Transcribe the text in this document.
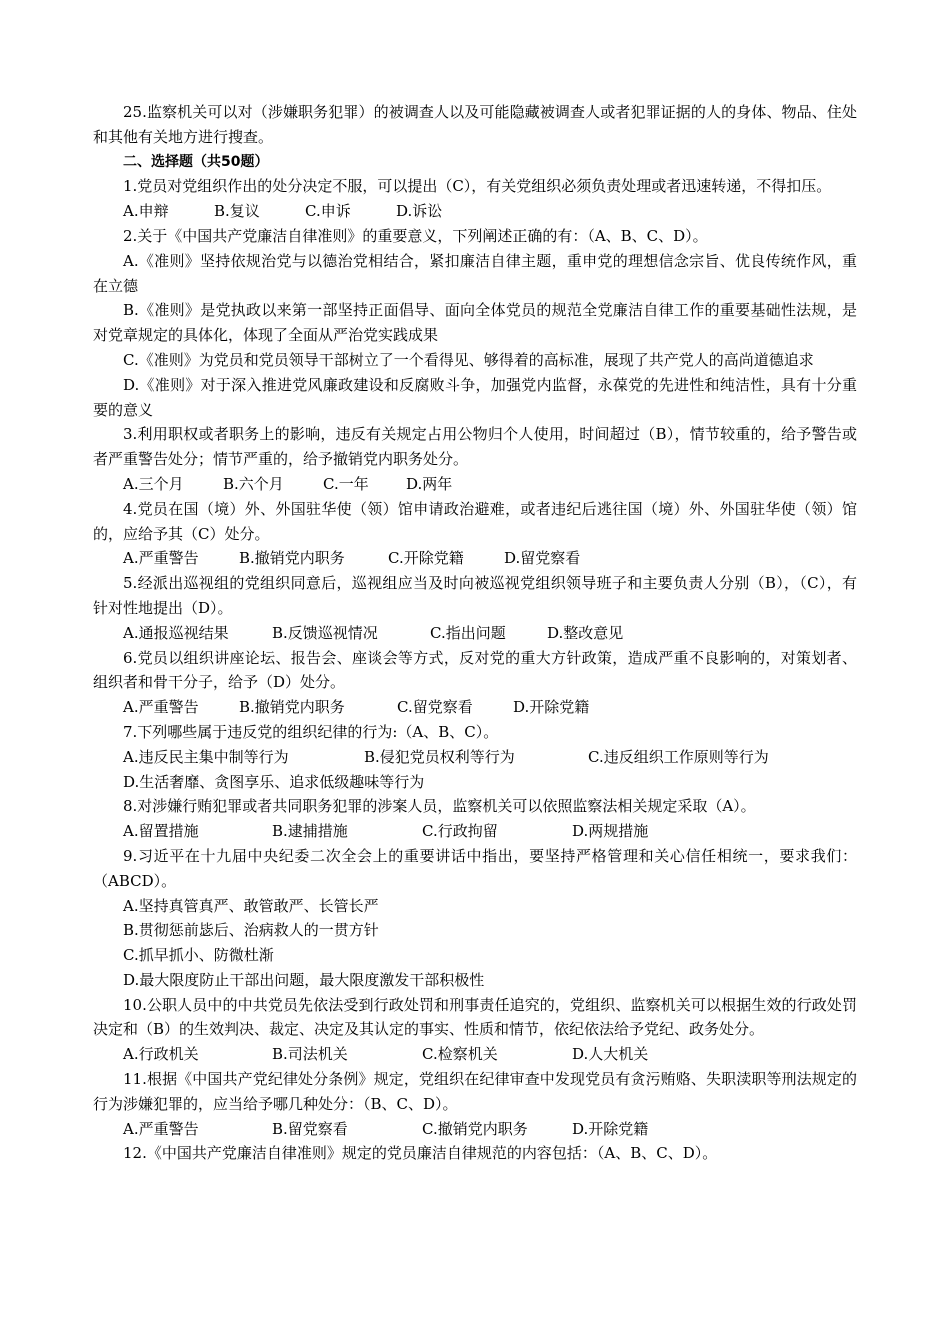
25.监察机关可以对（涉嫌职务犯罪）的被调查人以及可能隐藏被调查人或者犯罪证据的人的身体、物品、住处和其他有关地方进行搜查。

二、选择题（共50题）

1.党员对党组织作出的处分决定不服，可以提出（C），有关党组织必须负责处理或者迅速转递，不得扣压。

A.申辩	B.复议	C.申诉	D.诉讼

2.关于《中国共产党廉洁自律准则》的重要意义，下列阐述正确的有：（A、B、C、D）。

A.《准则》坚持依规治党与以德治党相结合，紧扣廉洁自律主题，重申党的理想信念宗旨、优良传统作风，重在立德

B.《准则》是党执政以来第一部坚持正面倡导、面向全体党员的规范全党廉洁自律工作的重要基础性法规，是对党章规定的具体化，体现了全面从严治党实践成果

C.《准则》为党员和党员领导干部树立了一个看得见、够得着的高标准，展现了共产党人的高尚道德追求

D.《准则》对于深入推进党风廉政建设和反腐败斗争，加强党内监督，永葆党的先进性和纯洁性，具有十分重要的意义

3.利用职权或者职务上的影响，违反有关规定占用公物归个人使用，时间超过（B），情节较重的，给予警告或者严重警告处分；情节严重的，给予撤销党内职务处分。

A.三个月	B.六个月	C.一年	D.两年

4.党员在国（境）外、外国驻华使（领）馆申请政治避难，或者违纪后逃往国（境）外、外国驻华使（领）馆的，应给予其（C）处分。

A.严重警告	B.撤销党内职务	C.开除党籍	D.留党察看

5.经派出巡视组的党组织同意后，巡视组应当及时向被巡视党组织领导班子和主要负责人分别（B），（C），有针对性地提出（D）。

A.通报巡视结果	B.反馈巡视情况	C.指出问题	D.整改意见

6.党员以组织讲座论坛、报告会、座谈会等方式，反对党的重大方针政策，造成严重不良影响的，对策划者、组织者和骨干分子，给予（D）处分。

A.严重警告	B.撤销党内职务	C.留党察看	D.开除党籍

7.下列哪些属于违反党的组织纪律的行为:（A、B、C）。

A.违反民主集中制等行为	B.侵犯党员权利等行为	C.违反组织工作原则等行为

D.生活奢靡、贪图享乐、追求低级趣味等行为

8.对涉嫌行贿犯罪或者共同职务犯罪的涉案人员，监察机关可以依照监察法相关规定采取（A）。

A.留置措施	B.逮捕措施	C.行政拘留	D.两规措施

9.习近平在十九届中央纪委二次全会上的重要讲话中指出，要坚持严格管理和关心信任相统一，要求我们：（ABCD）。

A.坚持真管真严、敢管敢严、长管长严

B.贯彻惩前毖后、治病救人的一贯方针

C.抓早抓小、防微杜渐

D.最大限度防止干部出问题，最大限度激发干部积极性

10.公职人员中的中共党员先依法受到行政处罚和刑事责任追究的，党组织、监察机关可以根据生效的行政处罚决定和（B）的生效判决、裁定、决定及其认定的事实、性质和情节，依纪依法给予党纪、政务处分。

A.行政机关	B.司法机关	C.检察机关	D.人大机关

11.根据《中国共产党纪律处分条例》规定，党组织在纪律审查中发现党员有贪污贿赂、失职渎职等刑法规定的行为涉嫌犯罪的，应当给予哪几种处分：（B、C、D）。

A.严重警告	B.留党察看	C.撤销党内职务	D.开除党籍

12.《中国共产党廉洁自律准则》规定的党员廉洁自律规范的内容包括：（A、B、C、D）。
